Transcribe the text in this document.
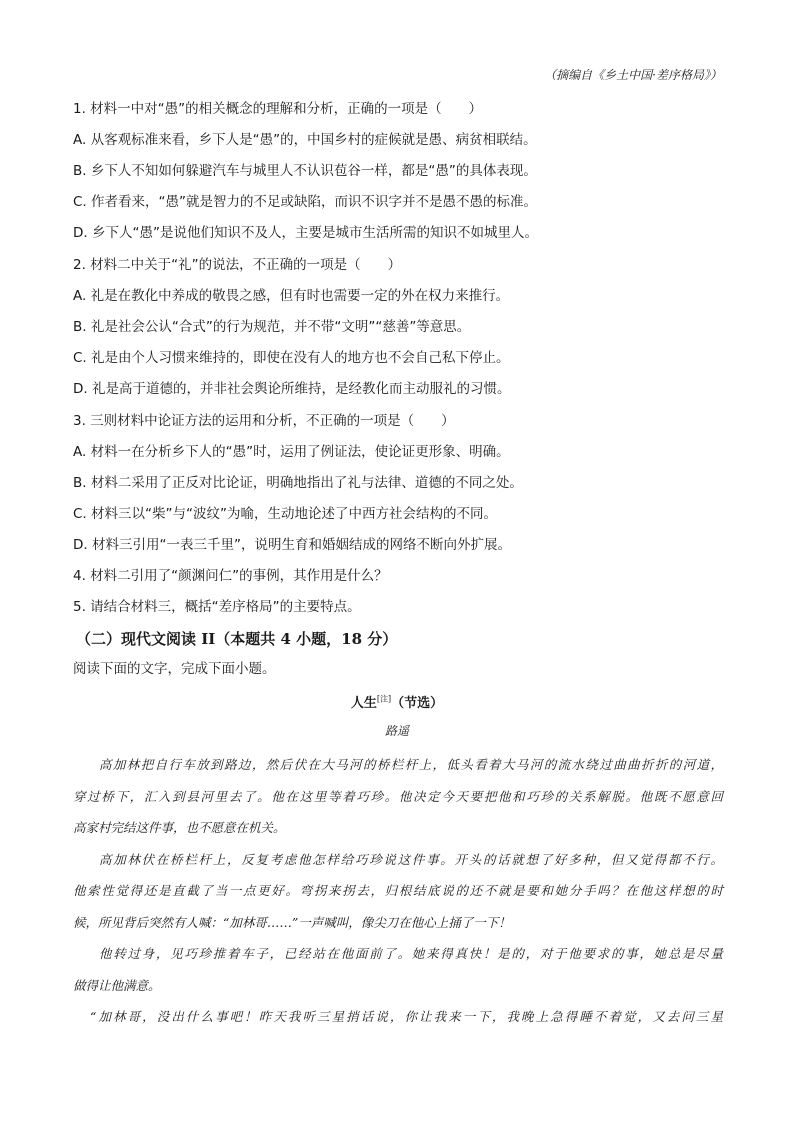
（摘编自《乡土中国·差序格局》）
1. 材料一中对“愚”的相关概念的理解和分析，正确的一项是（　　）
A. 从客观标准来看，乡下人是“愚”的，中国乡村的症候就是愚、病贫相联结。
B. 乡下人不知如何躲避汽车与城里人不认识苞谷一样，都是“愚”的具体表现。
C. 作者看来，“愚”就是智力的不足或缺陷，而识不识字并不是愚不愚的标准。
D. 乡下人“愚”是说他们知识不及人，主要是城市生活所需的知识不如城里人。
2. 材料二中关于“礼”的说法，不正确的一项是（　　）
A. 礼是在教化中养成的敬畏之感，但有时也需要一定的外在权力来推行。
B. 礼是社会公认“合式”的行为规范，并不带“文明”“慈善”等意思。
C. 礼是由个人习惯来维持的，即使在没有人的地方也不会自己私下停止。
D. 礼是高于道德的，并非社会舆论所维持，是经教化而主动服礼的习惯。
3. 三则材料中论证方法的运用和分析，不正确的一项是（　　）
A. 材料一在分析乡下人的“愚”时，运用了例证法，使论证更形象、明确。
B. 材料二采用了正反对比论证，明确地指出了礼与法律、道德的不同之处。
C. 材料三以“柴”与“波纹”为喻，生动地论述了中西方社会结构的不同。
D. 材料三引用“一表三千里”，说明生育和婚姻结成的网络不断向外扩展。
4. 材料二引用了“颜渊问仁”的事例，其作用是什么？
5. 请结合材料三，概括“差序格局”的主要特点。
（二）现代文阅读 II（本题共 4 小题，18 分）
阅读下面的文字，完成下面小题。
人生[注]（节选）
路遥
高加林把自行车放到路边，然后伏在大马河的桥栏杆上，低头看着大马河的流水绕过曲曲折折的河道，
穿过桥下，汇入到县河里去了。他在这里等着巧珍。他决定今天要把他和巧珍的关系解脱。他既不愿意回
高家村完结这件事，也不愿意在机关。
高加林伏在桥栏杆上，反复考虑他怎样给巧珍说这件事。开头的话就想了好多种，但又觉得都不行。
他索性觉得还是直截了当一点更好。弯拐来拐去，归根结底说的还不就是要和她分手吗？在他这样想的时
候，所见背后突然有人喊：“加林哥……”一声喊叫，像尖刀在他心上捅了一下！
他转过身，见巧珍推着车子，已经站在他面前了。她来得真快！是的，对于他要求的事，她总是尽量
做得让他满意。
“加林哥，没出什么事吧！昨天我听三星捎话说，你让我来一下，我晚上急得睡不着觉，又去问三星
